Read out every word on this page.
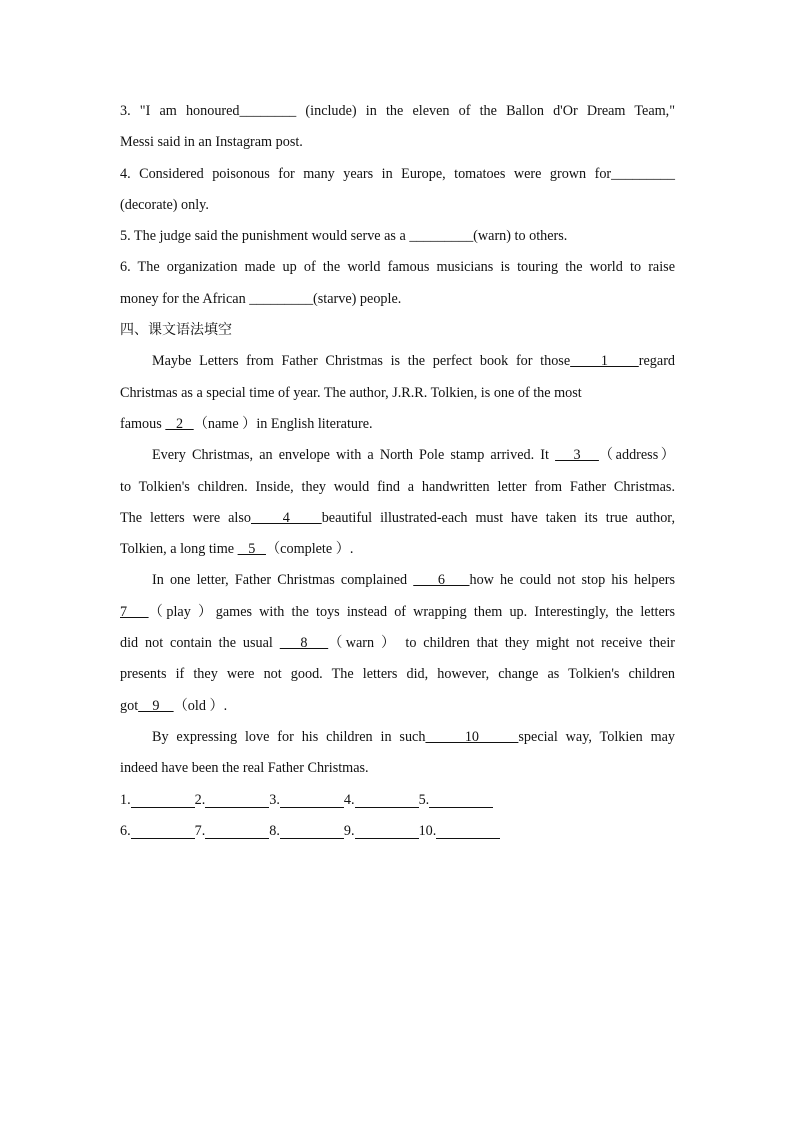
3. "I am honoured________ (include) in the eleven of the Ballon d'Or Dream Team,"
Messi said in an Instagram post.
4. Considered poisonous for many years in Europe, tomatoes were grown for_________
(decorate) only.
5. The judge said the punishment would serve as a _________(warn) to others.
6. The organization made up of the world famous musicians is touring the world to raise
money for the African _________(starve) people.
四、课文语法填空
Maybe Letters from Father Christmas is the perfect book for those    1    regard
Christmas as a special time of year. The author, J.R.R. Tolkien, is one of the most
famous    2   （name ）in English literature.
Every Christmas, an envelope with a North Pole stamp arrived. It    3   （address）
to Tolkien's children. Inside, they would find a handwritten letter from Father Christmas.
The letters were also    4    beautiful illustrated-each must have taken its true author,
Tolkien, a long time    5   （complete ）.
In one letter, Father Christmas complained     6    how he could not stop his helpers
7   （play ）games with the toys instead of wrapping them up. Interestingly, the letters
did not contain the usual    8   （warn ） to children that they might not receive their
presents if they were not good. The letters did, however, change as Tolkien's children
got    9    （old ）.
By expressing love for his children in such     10     special way, Tolkien may
indeed have been the real Father Christmas.
1.	2.	3.	4.	5.
6.	7.	8.	9.	10.
